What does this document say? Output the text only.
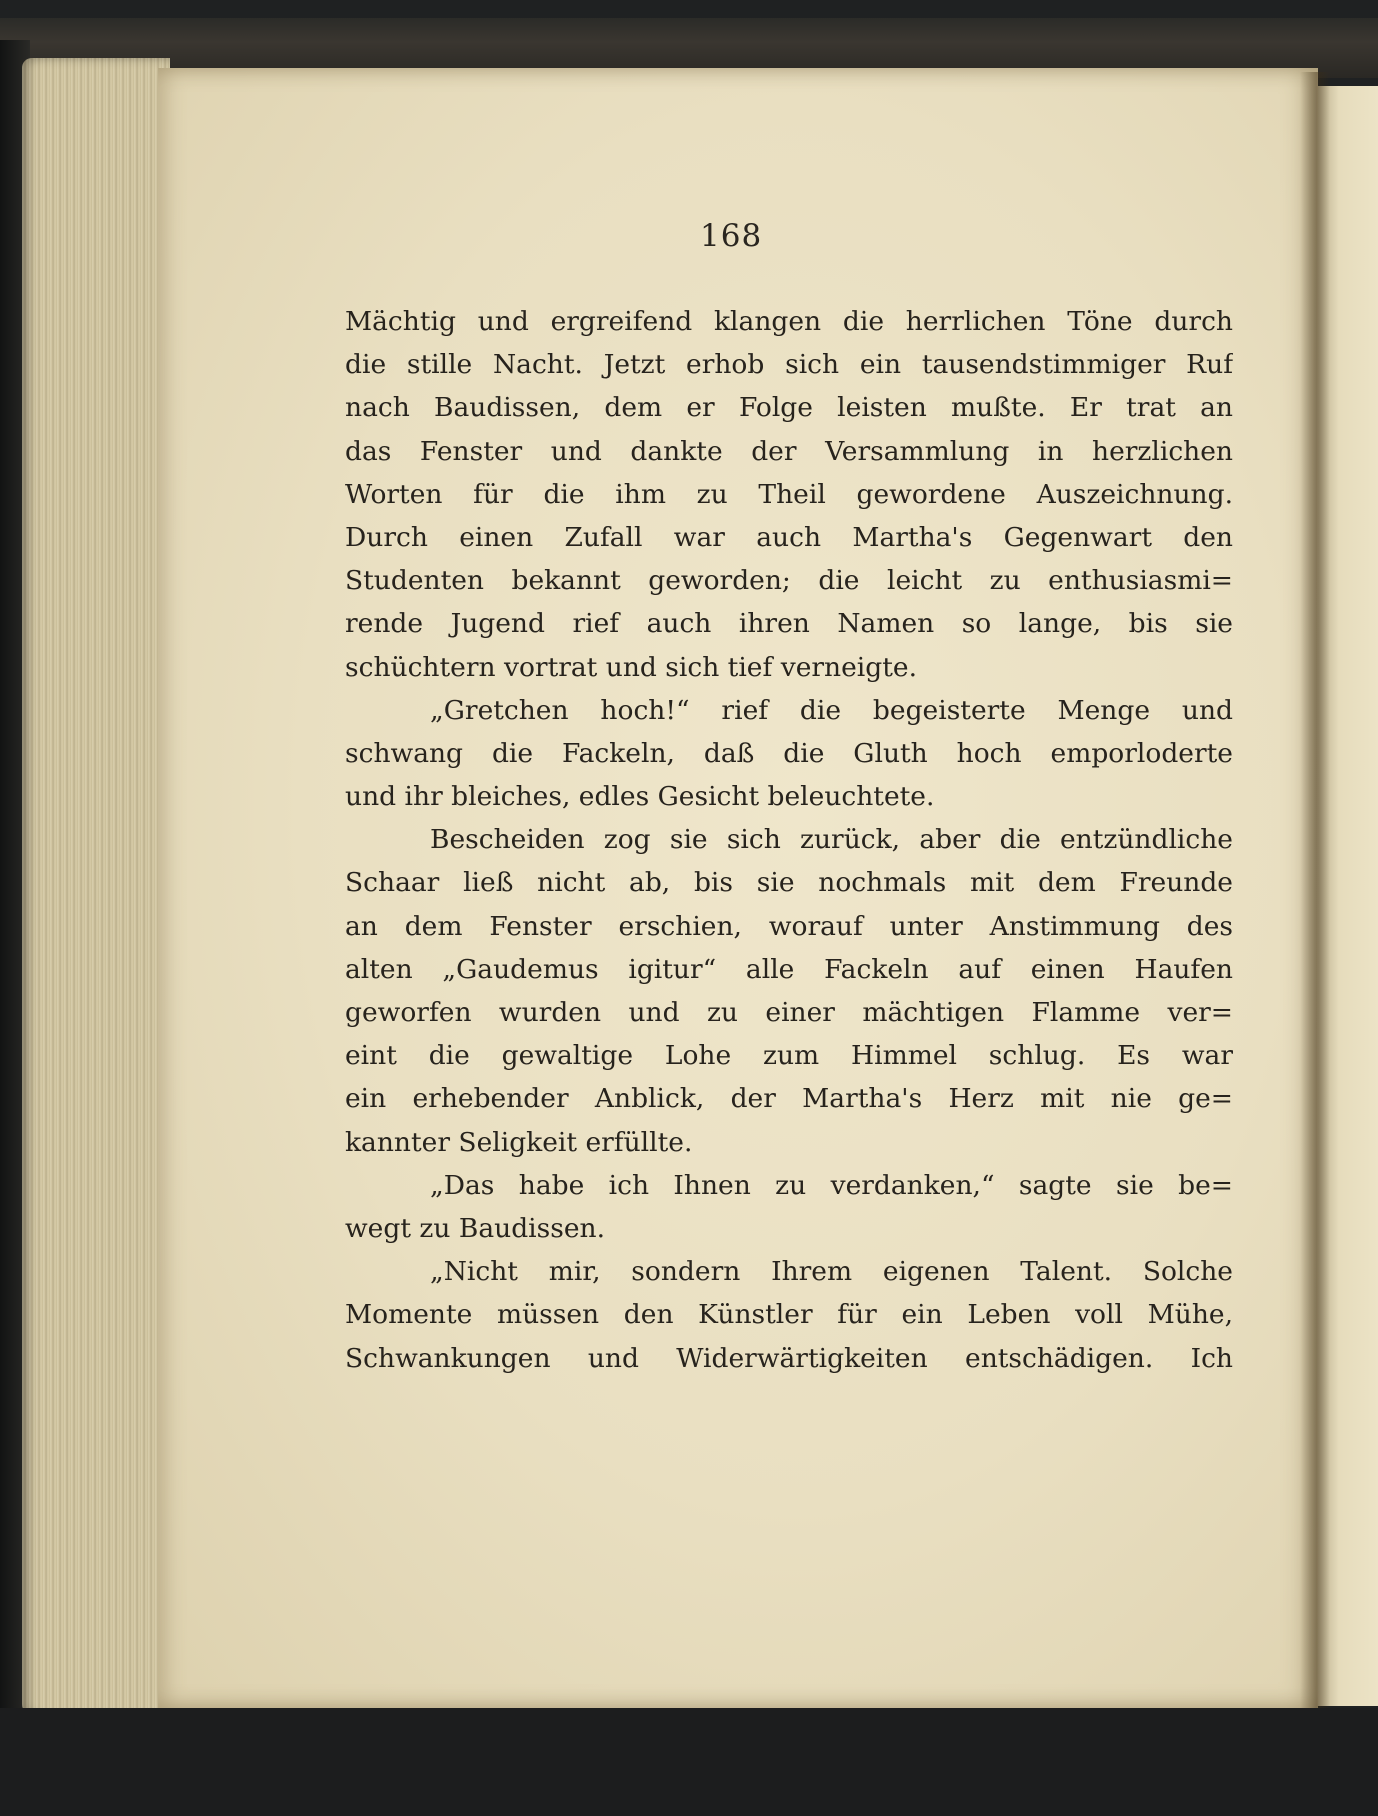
168
Mächtig und ergreifend klangen die herrlichen Töne durch
die stille Nacht. Jetzt erhob sich ein tausendstimmiger Ruf
nach Baudissen, dem er Folge leisten mußte. Er trat an
das Fenster und dankte der Versammlung in herzlichen
Worten für die ihm zu Theil gewordene Auszeichnung.
Durch einen Zufall war auch Martha's Gegenwart den
Studenten bekannt geworden; die leicht zu enthusiasmi=
rende Jugend rief auch ihren Namen so lange, bis sie
schüchtern vortrat und sich tief verneigte.
„Gretchen hoch!“ rief die begeisterte Menge und
schwang die Fackeln, daß die Gluth hoch emporloderte
und ihr bleiches, edles Gesicht beleuchtete.
Bescheiden zog sie sich zurück, aber die entzündliche
Schaar ließ nicht ab, bis sie nochmals mit dem Freunde
an dem Fenster erschien, worauf unter Anstimmung des
alten „Gaudemus igitur“ alle Fackeln auf einen Haufen
geworfen wurden und zu einer mächtigen Flamme ver=
eint die gewaltige Lohe zum Himmel schlug. Es war
ein erhebender Anblick, der Martha's Herz mit nie ge=
kannter Seligkeit erfüllte.
„Das habe ich Ihnen zu verdanken,“ sagte sie be=
wegt zu Baudissen.
„Nicht mir, sondern Ihrem eigenen Talent. Solche
Momente müssen den Künstler für ein Leben voll Mühe,
Schwankungen und Widerwärtigkeiten entschädigen. Ich
